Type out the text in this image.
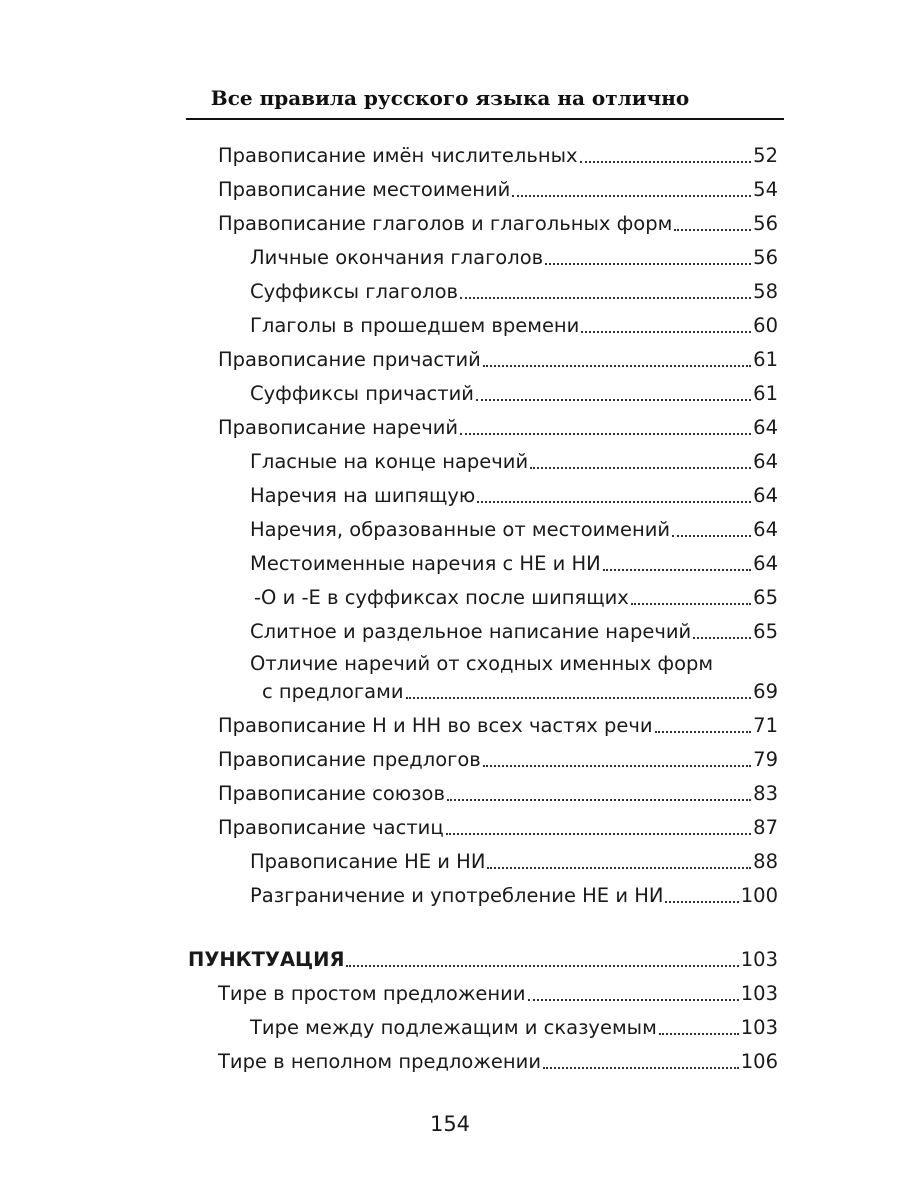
Все правила русского языка на отлично
Правописание имён числительных	52
Правописание местоимений	54
Правописание глаголов и глагольных форм	56
Личные окончания глаголов	56
Суффиксы глаголов	58
Глаголы в прошедшем времени	60
Правописание причастий	61
Суффиксы причастий	61
Правописание наречий	64
Гласные на конце наречий	64
Наречия на шипящую	64
Наречия, образованные от местоимений	64
Местоименные наречия с НЕ и НИ	64
-О и -Е в суффиксах после шипящих	65
Слитное и раздельное написание наречий	65
Отличие наречий от сходных именных форм
с предлогами	69
Правописание Н и НН во всех частях речи	71
Правописание предлогов	79
Правописание союзов	83
Правописание частиц	87
Правописание НЕ и НИ	88
Разграничение и употребление НЕ и НИ	100
ПУНКТУАЦИЯ	103
Тире в простом предложении	103
Тире между подлежащим и сказуемым	103
Тире в неполном предложении	106
154
